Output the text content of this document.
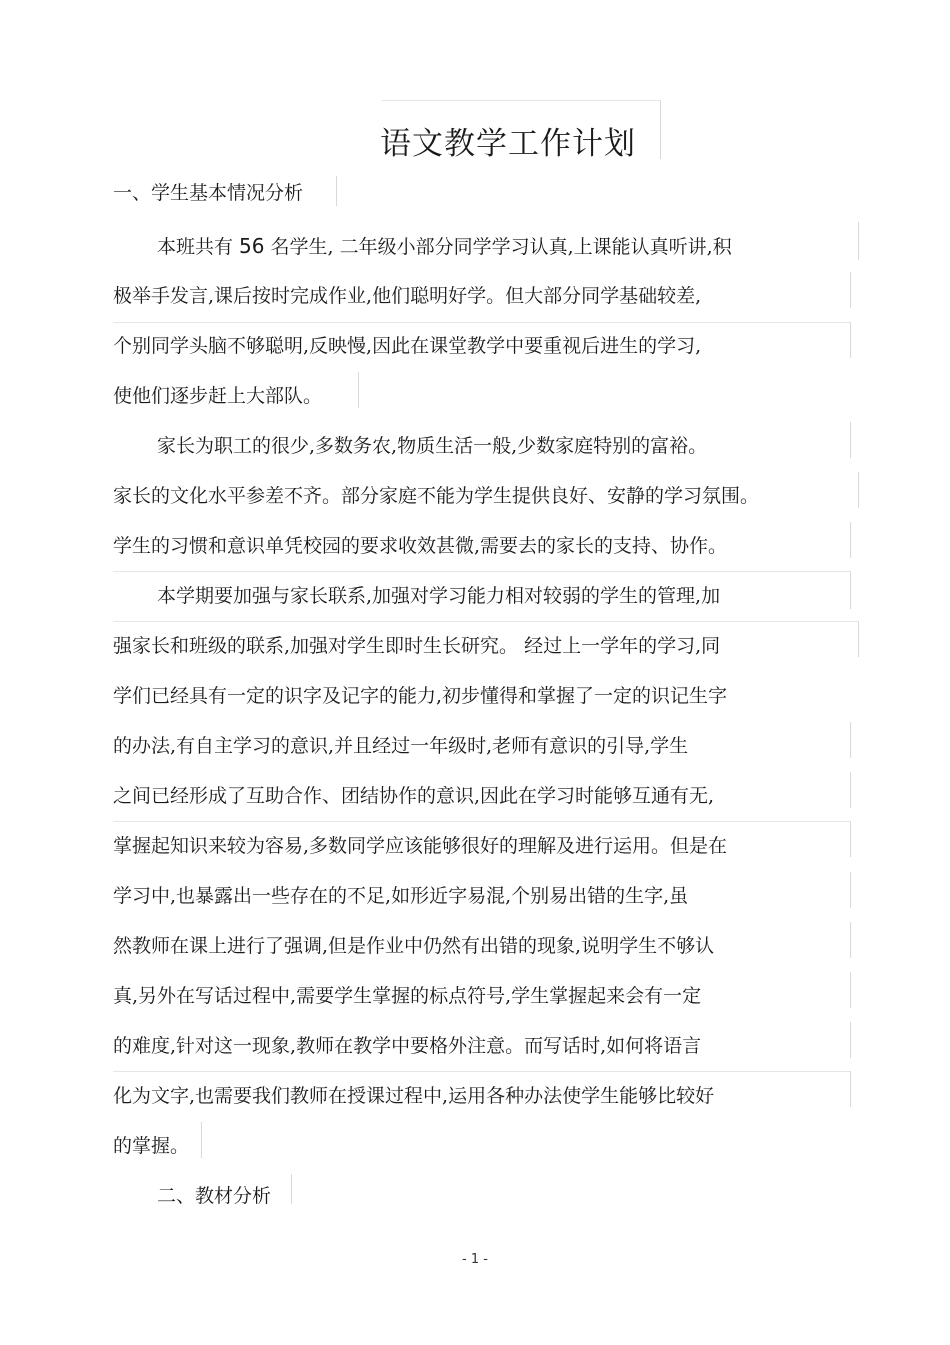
语文教学工作计划
一、学生基本情况分析
本班共有 56 名学生, 二年级小部分同学学习认真,上课能认真听讲,积
极举手发言,课后按时完成作业,他们聪明好学。但大部分同学基础较差,
个别同学头脑不够聪明,反映慢,因此在课堂教学中要重视后进生的学习,
使他们逐步赶上大部队。
家长为职工的很少,多数务农,物质生活一般,少数家庭特别的富裕。
家长的文化水平参差不齐。部分家庭不能为学生提供良好、安静的学习氛围。
学生的习惯和意识单凭校园的要求收效甚微,需要去的家长的支持、协作。
本学期要加强与家长联系,加强对学习能力相对较弱的学生的管理,加
强家长和班级的联系,加强对学生即时生长研究。 经过上一学年的学习,同
学们已经具有一定的识字及记字的能力,初步懂得和掌握了一定的识记生字
的办法,有自主学习的意识,并且经过一年级时,老师有意识的引导,学生
之间已经形成了互助合作、团结协作的意识,因此在学习时能够互通有无,
掌握起知识来较为容易,多数同学应该能够很好的理解及进行运用。但是在
学习中,也暴露出一些存在的不足,如形近字易混,个别易出错的生字,虽
然教师在课上进行了强调,但是作业中仍然有出错的现象,说明学生不够认
真,另外在写话过程中,需要学生掌握的标点符号,学生掌握起来会有一定
的难度,针对这一现象,教师在教学中要格外注意。而写话时,如何将语言
化为文字,也需要我们教师在授课过程中,运用各种办法使学生能够比较好
的掌握。
二、教材分析
- 1 -
